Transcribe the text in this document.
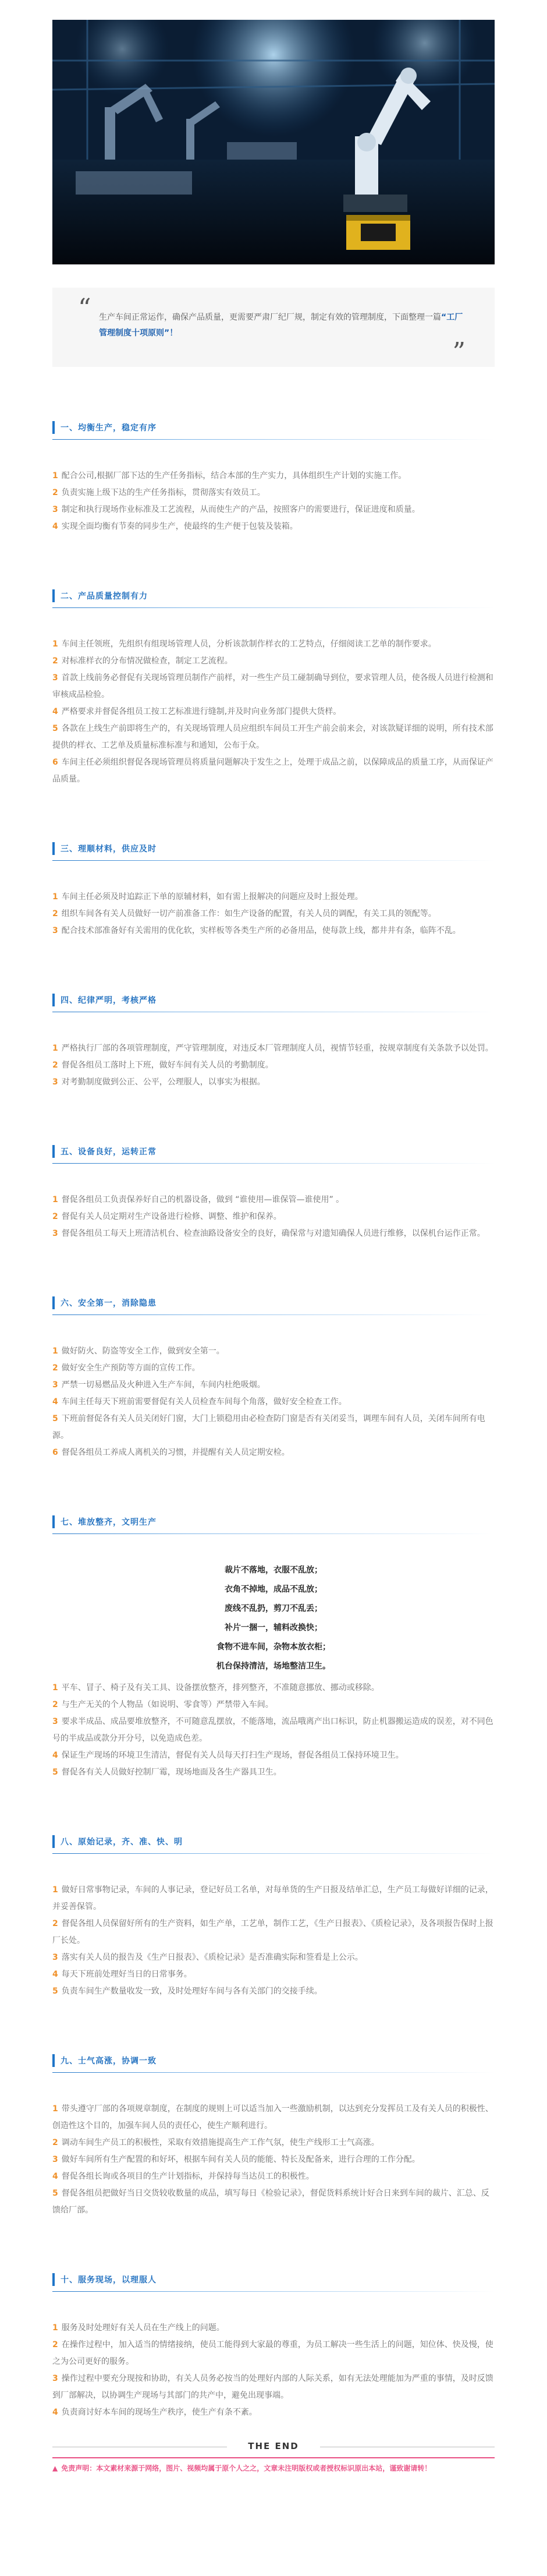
“ 生产车间正常运作，确保产品质量，更需要严肃厂纪厂规，制定有效的管理制度，下面整理一篇“工厂管理制度十项原则”！

”
一、均衡生产，稳定有序
1 配合公司,根据厂部下达的生产任务指标，结合本部的生产实力，具体组织生产计划的实施工作。
2 负责实施上级下达的生产任务指标，贯彻落实有效员工。
3 制定和执行现场作业标准及工艺流程，从而使生产的产品，按照客户的需要进行，保证进度和质量。
4 实现全面均衡有节奏的同步生产，使最终的生产便于包装及装箱。
二、产品质量控制有力
1 车间主任领班，先组织有组现场管理人员，分析该款制作样衣的工艺特点，仔细阅读工艺单的制作要求。
2 对标准样衣的分布情况做检查，制定工艺流程。
3 首款上线前务必督促有关现场管理员制作产前样，对一些生产员工碰制确导到位，要求管理人员，使各级人员进行检测和审核成品检验。
4 严格要求并督促各组员工按工艺标准进行缝制,并及时向业务部门提供大货样。
5 各款在上线生产前即将生产的，有关现场管理人员应组织车间员工开生产前会前来会，对该款疑详细的说明，所有技术部提供的样衣、工艺单及质量标准标准与和通知，公布于众。
6 车间主任必须组织督促各现场管理员将质量问题解决于发生之上，处理于成品之前，以保障成品的质量工序，从而保证产品质量。
三、理顺材料，供应及时
1 车间主任必须及时追踪正下单的原辅材料，如有需上报解决的问题应及时上报处理。
2 组织车间各有关人员做好一切产前准备工作：如生产设备的配置，有关人员的调配，有关工具的领配等。
3 配合技术部准备好有关需用的优化软，实样板等各类生产所的必备用品，使每款上线，都井井有条，临阵不乱。
四、纪律严明，考核严格
1 严格执行厂部的各项管理制度，严守管理制度，对违反本厂管理制度人员，视情节轻重，按规章制度有关条款予以处罚。
2 督促各组员工落时上下班，做好车间有关人员的考勤制度。
3 对考勤制度做到公正、公平，公理服人，以事实为根据。
五、设备良好，运转正常
1 督促各组员工负责保养好自己的机器设备，做到 “谁使用—谁保管—谁使用” 。
2 督促有关人员定期对生产设备进行检修、调整、维护和保养。
3 督促各组员工每天上班清洁机台、检查油路设备安全的良好，确保常与对遗知确保人员进行维修，以保机台运作正常。
六、安全第一，消除隐患
1 做好防火、防盗等安全工作，做到安全第一。
2 做好安全生产预防等方面的宣传工作。
3 严禁一切易燃品及火种进入生产车间，车间内杜绝吸烟。
4 车间主任每天下班前需要督促有关人员检查车间每个角落，做好安全检查工作。
5 下班前督促各有关人员关闭好门窗，大门上锁稳用由必检查防门窗是否有关闭妥当，调理车间有人员，关闭车间所有电源。
6 督促各组员工养成人离机关的习惯，并提醒有关人员定期安检。
七、堆放整齐，文明生产
裁片不落地，衣服不乱放；
衣角不掉地，成品不乱放；
废线不乱扔，剪刀不乱丢；
补片一捆一，辅料改换快；
食物不进车间，杂物本放衣柜；
机台保持清洁，场地整洁卫生。
1 平车、冒子、椅子及有关工具、设备摆放整齐，排列整齐，不准随意挪放、挪动或移除。
2 与生产无关的个人物品（如说明、零食等）严禁带入车间。
3 要求半成品、成品要堆放整齐，不可随意乱摆放，不能落地，流品哦离产出口标识，防止机器搬运造成的误差，对不同色号的半成品或款分开分号，以免造成色差。
4 保证生产现场的环境卫生清洁，督促有关人员每天打扫生产现场，督促各组员工保持环境卫生。
5 督促各有关人员做好控制厂霉，现场地面及各生产器具卫生。
八、原始记录，齐、准、快、明
1 做好日常事物记录，车间的人事记录，登记好员工名单，对每单货的生产日报及结单汇总，生产员工每做好详细的记录，并妥善保管。
2 督促各组人员保留好所有的生产资料，如生产单，工艺单，制作工艺，《生产日报表》、《质检记录》，及各项报告保时上报厂长处。
3 落实有关人员的报告及《生产日报表》、《质检记录》是否准确实际和签看是上公示。
4 每天下班前处理好当日的日常事务。
5 负责车间生产数量收发一致，及时处理好车间与各有关部门的交接手续。
九、士气高涨，协调一致
1 带头遵守厂部的各项规章制度，在制度的规则上可以适当加入一些激励机制，以达到充分发挥员工及有关人员的积极性、创造性这个目的，加强车间人员的责任心，使生产顺利进行。
2 调动车间生产员工的积极性，采取有效措施提高生产工作气氛，使生产线形工士气高涨。
3 做好车间所有生产配置的和好坏，根据车间有关人员的能能、特长及配备来，进行合理的工作分配。
4 督促各组长询或各项目的生产计划指标，并保持每当达员工的积极性。
5 督促各组员把做好当日交货较收数量的成品，填写每日《检验记录》，督促货料系统计好合日来到车间的裁片、汇总、反馈给厂部。
十、服务现场，以理服人
1 服务及时处理好有关人员在生产线上的问题。
2 在操作过程中，加入适当的情绪接纳，使员工能得到大家最的尊重，为员工解决一些生活上的问题，知位体、快及慢，使之为公司更好的服务。
3 操作过程中要充分现按和协助，有关人员务必按当的处理好内部的人际关系，如有无法处理能加为严重的事情，及时反馈到厂部解决，以协调生产现场与其部门的共产中，避免出现事端。
4 负责商讨好本车间的现场生产秩序，使生产有条不紊。
THE END
▲ 免责声明：本文素材来源于网络，图片、视频均属于原个人之之，文章未注明版权或者授权标识原出本站，谨致谢请转！
